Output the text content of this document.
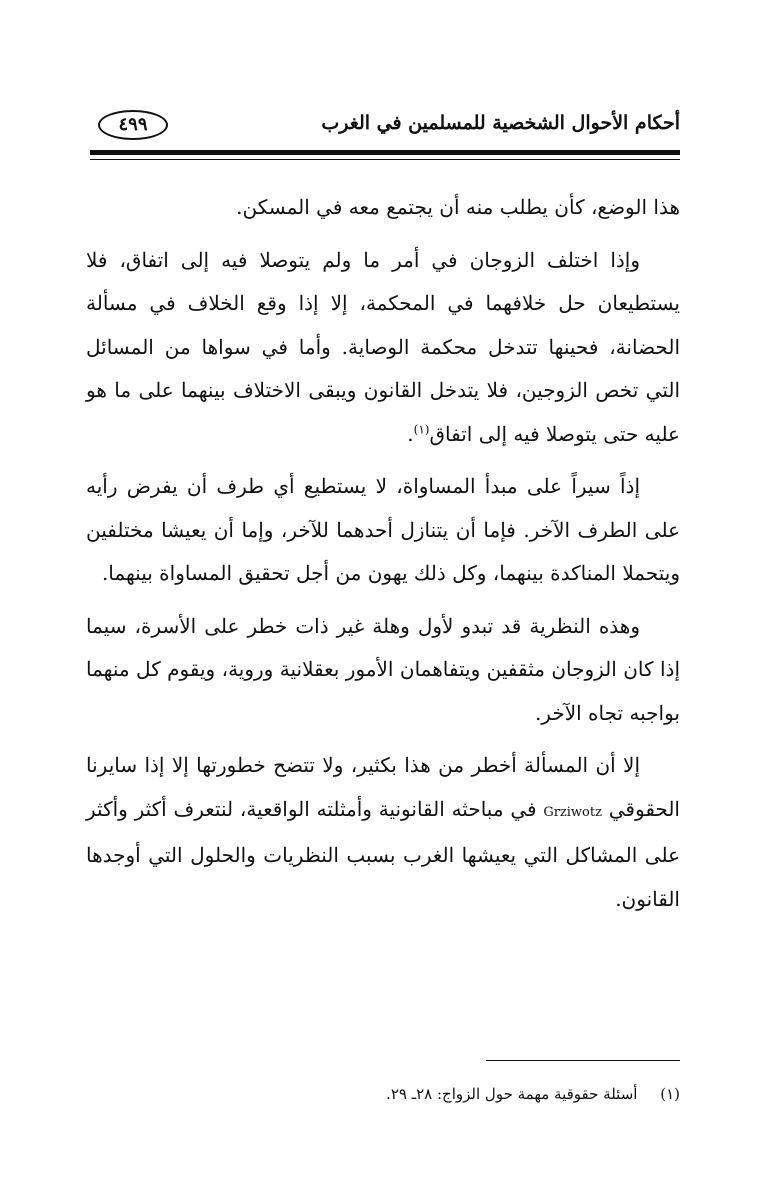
أحكام الأحوال الشخصية للمسلمين في الغرب
٤٩٩

هذا الوضع، كأن يطلب منه أن يجتمع معه في المسكن.

وإذا اختلف الزوجان في أمر ما ولم يتوصلا فيه إلى اتفاق، فلا يستطيعان حل خلافهما في المحكمة، إلا إذا وقع الخلاف في مسألة الحضانة، فحينها تتدخل محكمة الوصاية. وأما في سواها من المسائل التي تخص الزوجين، فلا يتدخل القانون ويبقى الاختلاف بينهما على ما هو عليه حتى يتوصلا فيه إلى اتفاق$^{(١)}$.

إذاً سيراً على مبدأ المساواة، لا يستطيع أي طرف أن يفرض رأيه على الطرف الآخر. فإما أن يتنازل أحدهما للآخر، وإما أن يعيشا مختلفين ويتحملا المناكدة بينهما، وكل ذلك يهون من أجل تحقيق المساواة بينهما.

وهذه النظرية قد تبدو لأول وهلة غير ذات خطر على الأسرة، سيما إذا كان الزوجان مثقفين ويتفاهمان الأمور بعقلانية وروية، ويقوم كل منهما بواجبه تجاه الآخر.

إلا أن المسألة أخطر من هذا بكثير، ولا تتضح خطورتها إلا إذا سايرنا الحقوقي Grziwotz في مباحثه القانونية وأمثلته الواقعية، لنتعرف أكثر وأكثر على المشاكل التي يعيشها الغرب بسبب النظريات والحلول التي أوجدها القانون.

(١) أسئلة حقوقية مهمة حول الزواج: ٢٨ـ ٢٩.
